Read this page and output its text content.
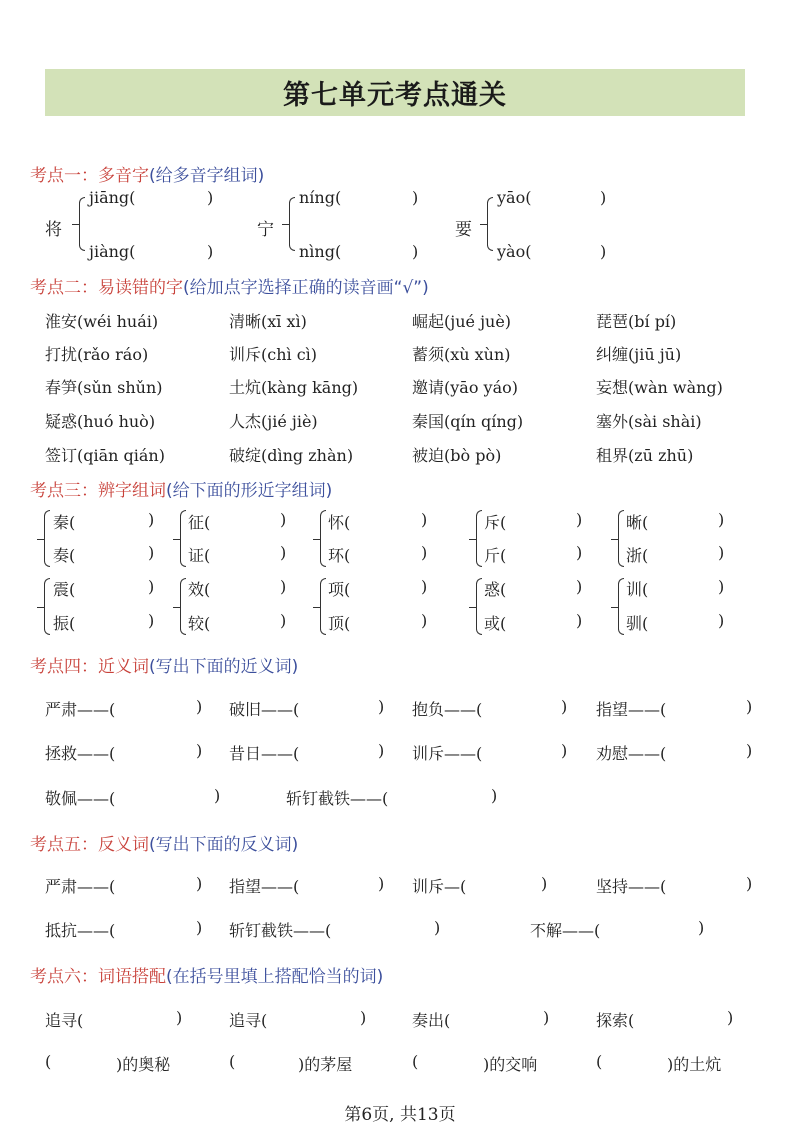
第七单元考点通关
考点一：多音字(给多音字组词)
考点二：易读错的字(给加点字选择正确的读音画“√”)
考点三：辨字组词(给下面的形近字组词)
考点四：近义词(写出下面的近义词)
考点五：反义词(写出下面的反义词)
考点六：词语搭配(在括号里填上搭配恰当的词)
将
jiāng(	)
jiàng(	)
宁
níng(	)
nìng(	)
要
yāo(	)
yào(	)
淮安(wéi huái)	清晰(xī xì)	崛起(jué juè)	琵琶(bí pí)
打扰(rǎo ráo)	训斥(chì cì)	蓄须(xù xùn)	纠缠(jiū jū)
春笋(sǔn shǔn)	土炕(kàng kāng)	邀请(yāo yáo)	妄想(wàn wàng)
疑惑(huó huò)	人杰(jié jiè)	秦国(qín qíng)	塞外(sài shài)
签订(qiān qián)	破绽(dìng zhàn)	被迫(bò pò)	租界(zū zhū)
秦(	)
奏(	)
征(	)
证(	)
怀(	)
环(	)
斥(	)
斤(	)
晰(	)
浙(	)
震(	)
振(	)
效(	)
较(	)
项(	)
顶(	)
惑(	)
或(	)
训(	)
驯(	)
严肃——(	) 破旧——(	) 抱负——(	) 指望——(	)
拯救——(	) 昔日——(	) 训斥——(	) 劝慰——(	)
敬佩——(	)	斩钉截铁——(	)
严肃——(	) 指望——(	) 训斥—(	)	坚持——(	)
抵抗——(	) 斩钉截铁——(	)	不解——(	)
追寻(	)	追寻(	)	奏出(	)	探索(	)
(	)的奥秘	(	)的茅屋	(	)的交响	(	)的土炕
第6页, 共13页
